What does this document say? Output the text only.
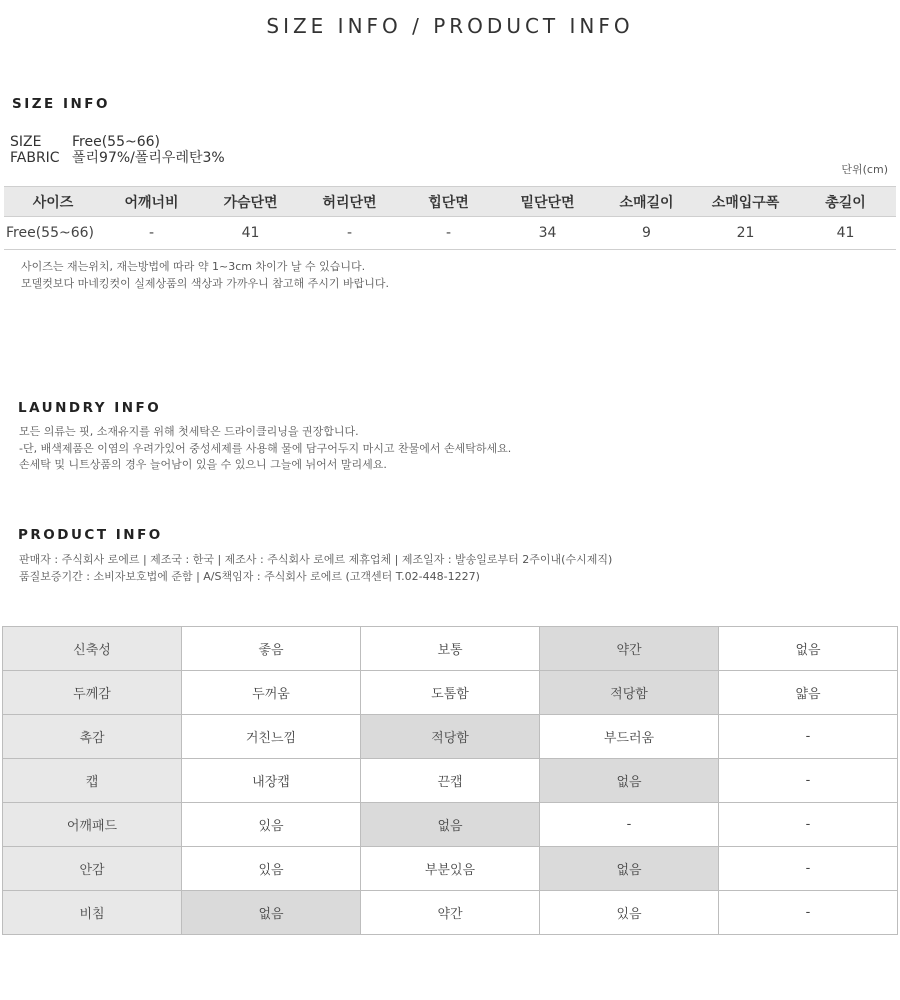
SIZE INFO / PRODUCT INFO
SIZE INFO
SIZE	Free(55~66)
FABRIC 폴리97%/폴리우레탄3%
단위(cm)
사이즈	어깨너비	가슴단면	허리단면	힙단면	밑단단면	소매길이	소매입구폭	총길이
Free(55~66)	-	41	-	-	34	9	21	41
사이즈는 재는위치, 재는방법에 따라 약 1~3cm 차이가 날 수 있습니다.
모델컷보다 마네킹컷이 실제상품의 색상과 가까우니 참고해 주시기 바랍니다.
LAUNDRY INFO
모든 의류는 핏, 소재유지를 위해 첫세탁은 드라이클리닝을 권장합니다.
-단, 배색제품은 이염의 우려가있어 중성세제를 사용해 물에 담구어두지 마시고 찬물에서 손세탁하세요.
손세탁 및 니트상품의 경우 늘어남이 있을 수 있으니 그늘에 뉘어서 말리세요.
PRODUCT INFO
판매자 : 주식회사 로에르 | 제조국 : 한국 | 제조사 : 주식회사 로에르 제휴업체 | 제조일자 : 발송일로부터 2주이내(수시제직)
품질보증기간 : 소비자보호법에 준함 | A/S책임자 : 주식회사 로에르 (고객센터 T.02-448-1227)
신축성	좋음	보통	약간	없음
두께감	두꺼움	도톰함	적당함	얇음
촉감	거친느낌	적당함	부드러움	-
캡	내장캡	끈캡	없음	-
어깨패드	있음	없음	-	-
안감	있음	부분있음	없음	-
비침	없음	약간	있음	-
